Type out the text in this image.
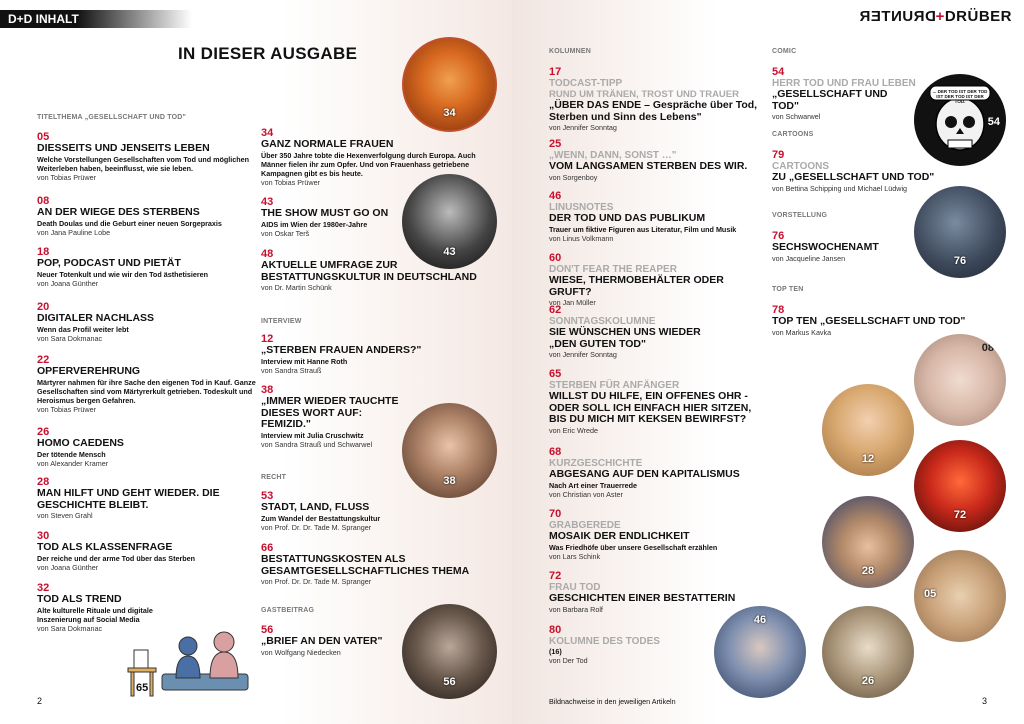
D+D INHALT
IN DIESER AUSGABE
TITELTHEMA „GESELLSCHAFT UND TOD"
05
DIESSEITS UND JENSEITS LEBEN
Welche Vorstellungen Gesellschaften vom Tod und möglichen Weiterleben haben, beeinflusst, wie sie leben.
von Tobias Prüwer
08
AN DER WIEGE DES STERBENS
Death Doulas und die Geburt einer neuen Sorgepraxis
von Jana Pauline Lobe
18
POP, PODCAST UND PIETÄT
Neuer Totenkult und wie wir den Tod ästhetisieren
von Joana Günther
20
DIGITALER NACHLASS
Wenn das Profil weiter lebt
von Sara Dokmanac
22
OPFERVEREHRUNG
Märtyrer nahmen für ihre Sache den eigenen Tod in Kauf. Ganze Gesellschaften sind vom Märtyrerkult getrieben. Todeskult und Heroismus bergen Gefahren.
von Tobias Prüwer
26
HOMO CAEDENS
Der tötende Mensch
von Alexander Kramer
28
MAN HILFT UND GEHT WIEDER. DIE GESCHICHTE BLEIBT.
von Steven Grahl
30
TOD ALS KLASSENFRAGE
Der reiche und der arme Tod über das Sterben
von Joana Günther
32
TOD ALS TREND
Alte kulturelle Rituale und digitale Inszenierung auf Social Media
von Sara Dokmanac
34
GANZ NORMALE FRAUEN
Über 350 Jahre tobte die Hexenverfolgung durch Europa. Auch Männer fielen ihr zum Opfer. Und von Frauenhass getriebene Kampagnen gibt es bis heute.
von Tobias Prüwer
43
THE SHOW MUST GO ON
AIDS im Wien der 1980er-Jahre
von Oskar Terš
48
AKTUELLE UMFRAGE ZUR BESTATTUNGSKULTUR IN DEUTSCHLAND
von Dr. Martin Schünk
INTERVIEW
12
„STERBEN FRAUEN ANDERS?"
Interview mit Hanne Roth
von Sandra Strauß
38
„IMMER WIEDER TAUCHTE DIESES WORT AUF: FEMIZID."
Interview mit Julia Cruschwitz
von Sandra Strauß und Schwarwel
RECHT
53
STADT, LAND, FLUSS
Zum Wandel der Bestattungskultur
von Prof. Dr. Dr. Tade M. Spranger
66
BESTATTUNGSKOSTEN ALS GESAMTGESELLSCHAFTLICHES THEMA
von Prof. Dr. Dr. Tade M. Spranger
GASTBEITRAG
56
„BRIEF AN DEN VATER"
von Wolfgang Niedecken
34
43
38
56
65
2
DRUNTER+DRÜBER
KOLUMNEN
17
TODCAST-TIPP
RUND UM TRÄNEN, TROST UND TRAUER
„ÜBER DAS ENDE – Gespräche über Tod, Sterben und Sinn des Lebens"
von Jennifer Sonntag
25
„WENN, DANN, SONST …"
VOM LANGSAMEN STERBEN DES WIR.
von Sorgenboy
46
LINUSNOTES
DER TOD UND DAS PUBLIKUM
Trauer um fiktive Figuren aus Literatur, Film und Musik
von Linus Volkmann
60
DON'T FEAR THE REAPER
WIESE, THERMOBEHÄLTER ODER GRUFT?
von Jan Müller
62
SONNTAGSKOLUMNE
SIE WÜNSCHEN UNS WIEDER „DEN GUTEN TOD"
von Jennifer Sonntag
65
STERBEN FÜR ANFÄNGER
WILLST DU HILFE, EIN OFFENES OHR - ODER SOLL ICH EINFACH HIER SITZEN, BIS DU MICH MIT KEKSEN BEWIRFST?
von Eric Wrede
68
KURZGESCHICHTE
ABGESANG AUF DEN KAPITALISMUS
Nach Art einer Trauerrede
von Christian von Aster
70
GRABGEREDE
MOSAIK DER ENDLICHKEIT
Was Friedhöfe über unsere Gesellschaft erzählen
von Lars Schink
72
FRAU TOD
GESCHICHTEN EINER BESTATTERIN
von Barbara Rolf
80
KOLUMNE DES TODES
(16)
von Der Tod
COMIC
54
HERR TOD UND FRAU LEBEN
„GESELLSCHAFT UND TOD"
von Schwarwel
CARTOONS
79
CARTOONS
ZU „GESELLSCHAFT UND TOD"
von Bettina Schipping und Michael Lüdwig
VORSTELLUNG
76
SECHSWOCHENAMT
von Jacqueline Jansen
TOP TEN
78
TOP TEN „GESELLSCHAFT UND TOD"
von Markus Kavka
... DER TOD IST DER TOD IST DER TOD IST DER TOD.
54
76
08
12
72
28
05
46
26
Bildnachweise in den jeweiligen Artikeln	3
